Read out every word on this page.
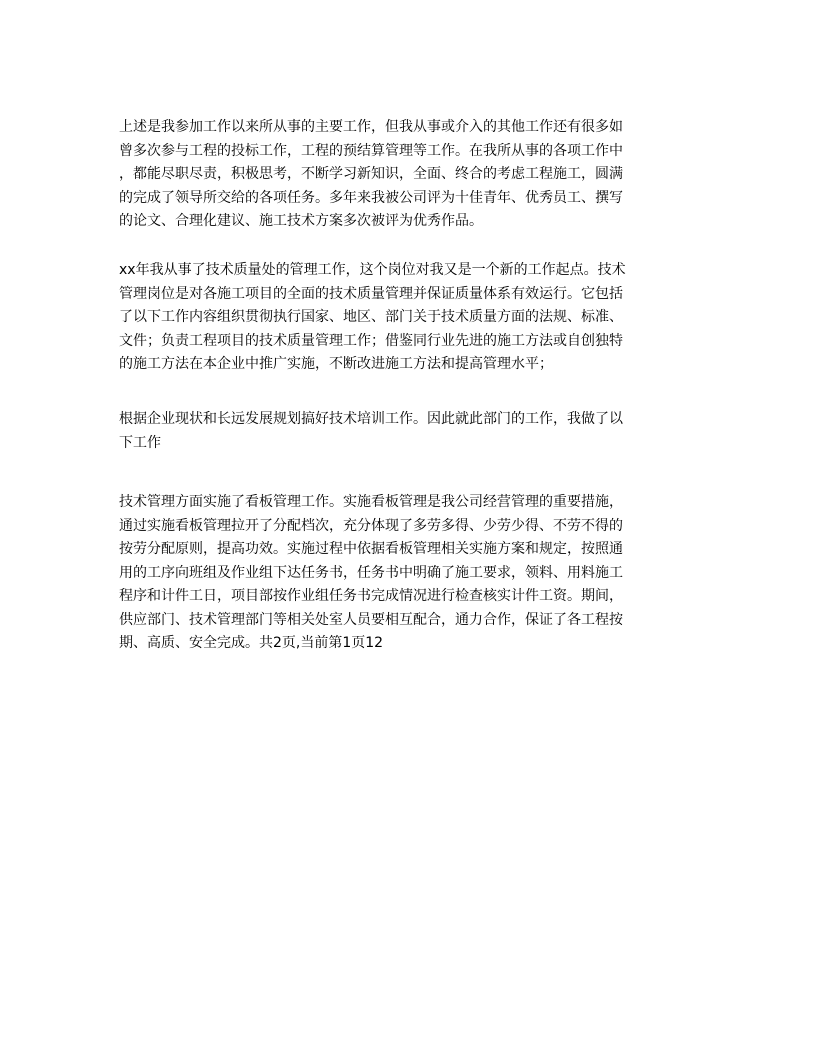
上述是我参加工作以来所从事的主要工作，但我从事或介入的其他工作还有很多如
曾多次参与工程的投标工作，工程的预结算管理等工作。在我所从事的各项工作中
，都能尽职尽责，积极思考，不断学习新知识，全面、终合的考虑工程施工，圆满
的完成了领导所交给的各项任务。多年来我被公司评为十佳青年、优秀员工、撰写
的论文、合理化建议、施工技术方案多次被评为优秀作品。
xx年我从事了技术质量处的管理工作，这个岗位对我又是一个新的工作起点。技术
管理岗位是对各施工项目的全面的技术质量管理并保证质量体系有效运行。它包括
了以下工作内容组织贯彻执行国家、地区、部门关于技术质量方面的法规、标准、
文件；负责工程项目的技术质量管理工作；借鉴同行业先进的施工方法或自创独特
的施工方法在本企业中推广实施，不断改进施工方法和提高管理水平；
根据企业现状和长远发展规划搞好技术培训工作。因此就此部门的工作，我做了以
下工作
技术管理方面实施了看板管理工作。实施看板管理是我公司经营管理的重要措施，
通过实施看板管理拉开了分配档次，充分体现了多劳多得、少劳少得、不劳不得的
按劳分配原则，提高功效。实施过程中依据看板管理相关实施方案和规定，按照通
用的工序向班组及作业组下达任务书，任务书中明确了施工要求，领料、用料施工
程序和计件工日，项目部按作业组任务书完成情况进行检查核实计件工资。期间，
供应部门、技术管理部门等相关处室人员要相互配合，通力合作，保证了各工程按
期、高质、安全完成。共2页,当前第1页12
